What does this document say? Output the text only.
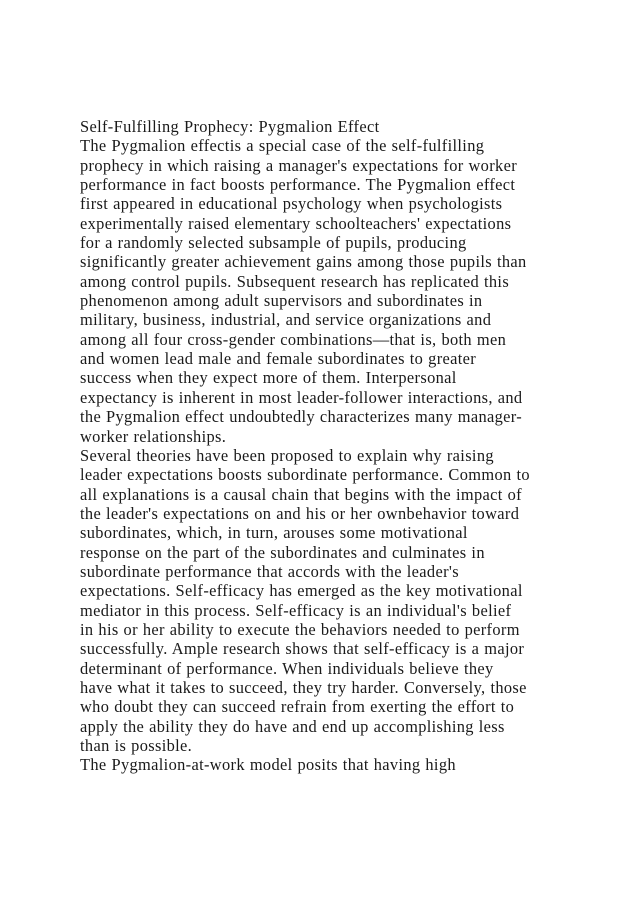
Self-Fulfilling Prophecy: Pygmalion Effect
The Pygmalion effectis a special case of the self-fulfilling
prophecy in which raising a manager's expectations for worker
performance in fact boosts performance. The Pygmalion effect
first appeared in educational psychology when psychologists
experimentally raised elementary schoolteachers' expectations
for a randomly selected subsample of pupils, producing
significantly greater achievement gains among those pupils than
among control pupils. Subsequent research has replicated this
phenomenon among adult supervisors and subordinates in
military, business, industrial, and service organizations and
among all four cross-gender combinations—that is, both men
and women lead male and female subordinates to greater
success when they expect more of them. Interpersonal
expectancy is inherent in most leader-follower interactions, and
the Pygmalion effect undoubtedly characterizes many manager-
worker relationships.
Several theories have been proposed to explain why raising
leader expectations boosts subordinate performance. Common to
all explanations is a causal chain that begins with the impact of
the leader's expectations on and his or her ownbehavior toward
subordinates, which, in turn, arouses some motivational
response on the part of the subordinates and culminates in
subordinate performance that accords with the leader's
expectations. Self-efficacy has emerged as the key motivational
mediator in this process. Self-efficacy is an individual's belief
in his or her ability to execute the behaviors needed to perform
successfully. Ample research shows that self-efficacy is a major
determinant of performance. When individuals believe they
have what it takes to succeed, they try harder. Conversely, those
who doubt they can succeed refrain from exerting the effort to
apply the ability they do have and end up accomplishing less
than is possible.
The Pygmalion-at-work model posits that having high
